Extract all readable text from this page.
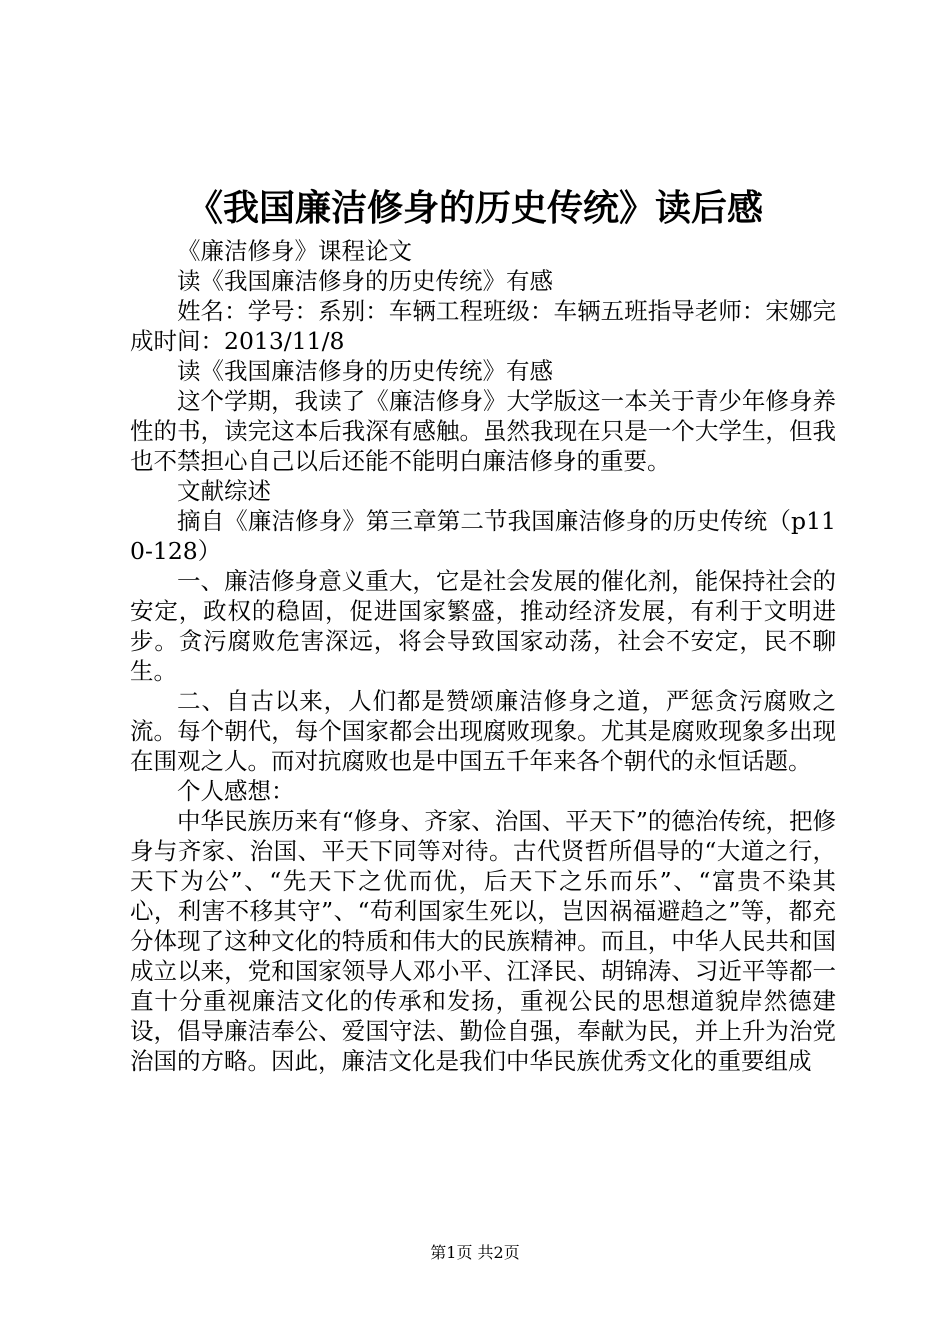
《我国廉洁修身的历史传统》读后感

《廉洁修身》课程论文

读《我国廉洁修身的历史传统》有感

姓名：学号：系别：车辆工程班级：车辆五班指导老师：宋娜完成时间：2013/11/8

读《我国廉洁修身的历史传统》有感

这个学期，我读了《廉洁修身》大学版这一本关于青少年修身养性的书，读完这本后我深有感触。虽然我现在只是一个大学生，但我也不禁担心自己以后还能不能明白廉洁修身的重要。

文献综述

摘自《廉洁修身》第三章第二节我国廉洁修身的历史传统（p110-128）

一、廉洁修身意义重大，它是社会发展的催化剂，能保持社会的安定，政权的稳固，促进国家繁盛，推动经济发展，有利于文明进步。贪污腐败危害深远，将会导致国家动荡，社会不安定，民不聊生。

二、自古以来，人们都是赞颂廉洁修身之道，严惩贪污腐败之流。每个朝代，每个国家都会出现腐败现象。尤其是腐败现象多出现在围观之人。而对抗腐败也是中国五千年来各个朝代的永恒话题。

个人感想：

中华民族历来有“修身、齐家、治国、平天下”的德治传统，把修身与齐家、治国、平天下同等对待。古代贤哲所倡导的“大道之行，天下为公”、“先天下之优而优，后天下之乐而乐”、“富贵不染其心，利害不移其守”、“苟利国家生死以，岂因祸福避趋之”等，都充分体现了这种文化的特质和伟大的民族精神。而且，中华人民共和国成立以来，党和国家领导人邓小平、江泽民、胡锦涛、习近平等都一直十分重视廉洁文化的传承和发扬，重视公民的思想道貌岸然德建设，倡导廉洁奉公、爱国守法、勤俭自强，奉献为民，并上升为治党治国的方略。因此，廉洁文化是我们中华民族优秀文化的重要组成

第1页 共2页
